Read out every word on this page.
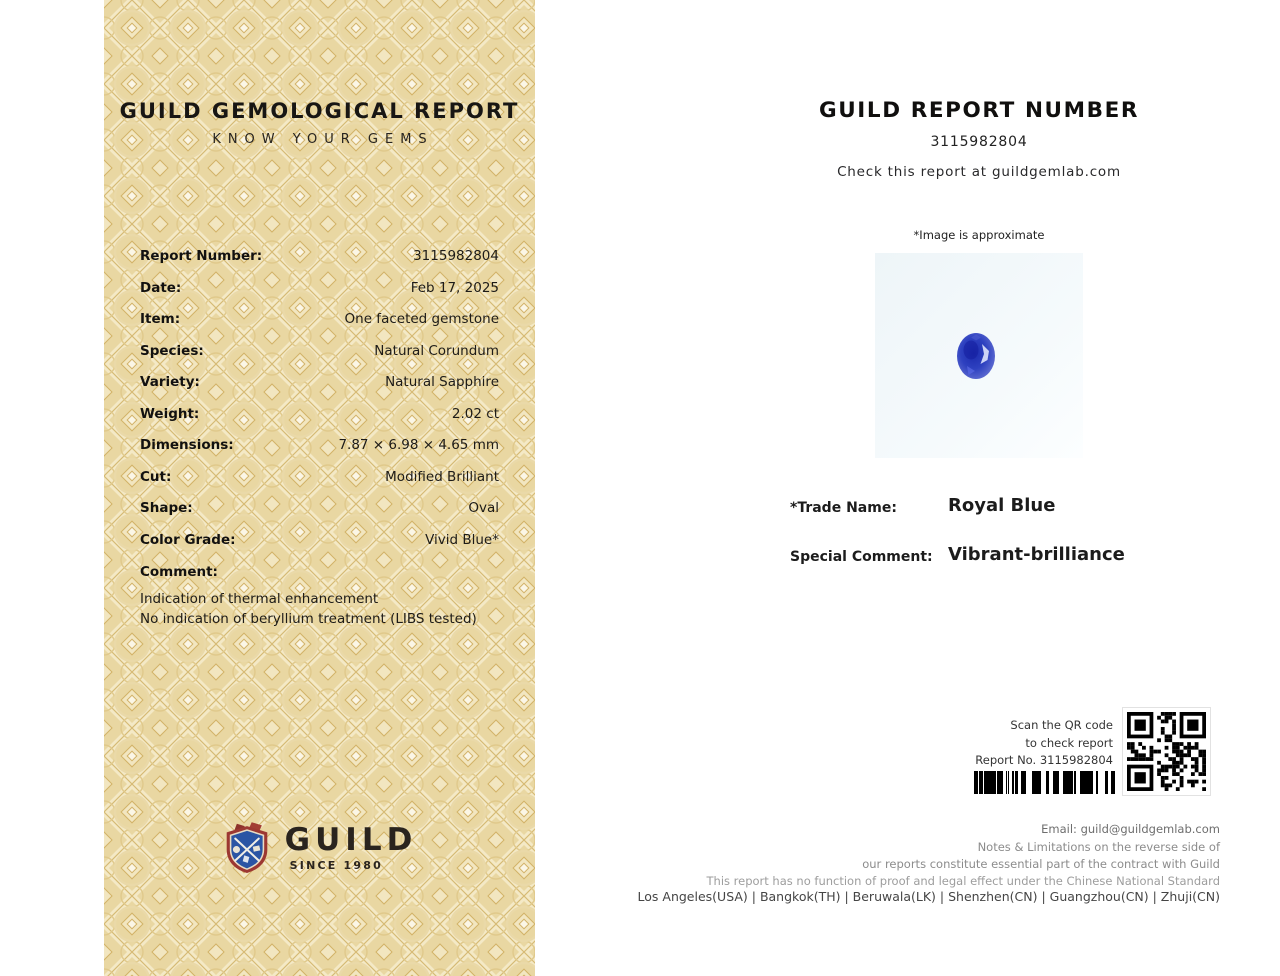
GUILD GEMOLOGICAL REPORT
KNOW YOUR GEMS
Report Number:	3115982804
Date:	Feb 17, 2025
Item:	One faceted gemstone
Species:	Natural Corundum
Variety:	Natural Sapphire
Weight:	2.02 ct
Dimensions:	7.87 × 6.98 × 4.65 mm
Cut:	Modified Brilliant
Shape:	Oval
Color Grade:	Vivid Blue*
Comment:
Indication of thermal enhancement
No indication of beryllium treatment (LIBS tested)
GUILD
SINCE 1980
GUILD REPORT NUMBER
3115982804
Check this report at guildgemlab.com
*Image is approximate
*Trade Name:	Royal Blue
Special Comment: Vibrant-brilliance
Scan the QR code
to check report
Report No. 3115982804
Email: guild@guildgemlab.com
Notes & Limitations on the reverse side of
our reports constitute essential part of the contract with Guild
This report has no function of proof and legal effect under the Chinese National Standard
Los Angeles(USA) | Bangkok(TH) | Beruwala(LK) | Shenzhen(CN) | Guangzhou(CN) | Zhuji(CN)
